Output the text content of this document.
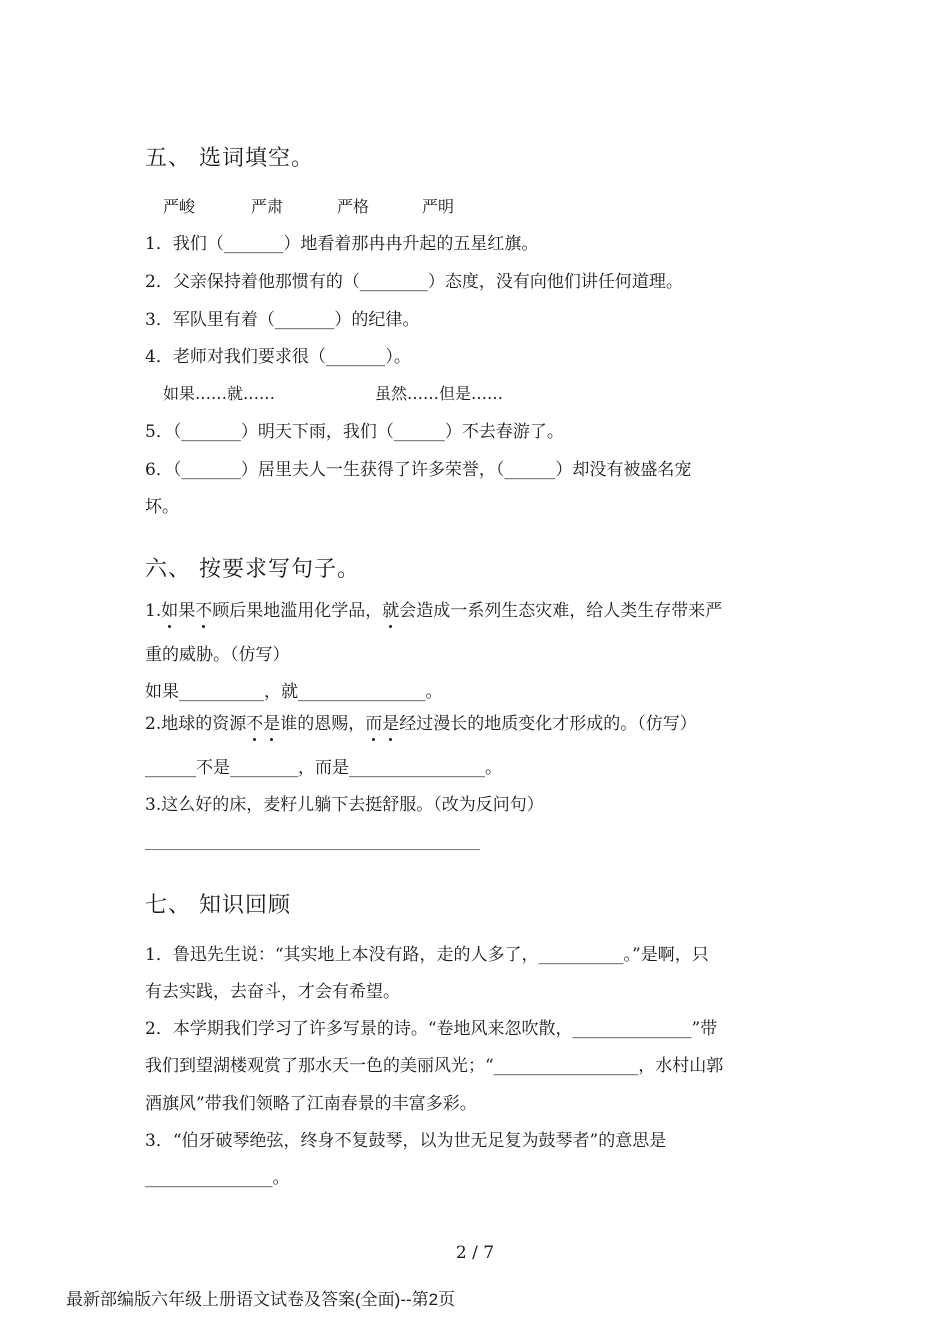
五、 选词填空。
严峻	严肃	严格	严明
1．我们（_______）地看着那冉冉升起的五星红旗。
2．父亲保持着他那惯有的（________）态度，没有向他们讲任何道理。
3．军队里有着（_______）的纪律。
4．老师对我们要求很（_______）。
如果……就……	虽然……但是……
5．（_______）明天下雨，我们（______）不去春游了。
6．（_______）居里夫人一生获得了许多荣誉，（______）却没有被盛名宠
坏。
六、 按要求写句子。
1.如果不顾后果地滥用化学品，就会造成一系列生态灾难，给人类生存带来严
重的威胁。（仿写）
如果__________，就_______________。
2.地球的资源不是谁的恩赐，而是经过漫长的地质变化才形成的。（仿写）
______不是________，而是________________。
3.这么好的床，麦籽儿躺下去挺舒服。（改为反问句）
七、 知识回顾
1．鲁迅先生说：“其实地上本没有路，走的人多了，__________。”是啊，只
有去实践，去奋斗，才会有希望。
2．本学期我们学习了许多写景的诗。“卷地风来忽吹散，______________”带
我们到望湖楼观赏了那水天一色的美丽风光；“_________________，水村山郭
酒旗风”带我们领略了江南春景的丰富多彩。
3．“伯牙破琴绝弦，终身不复鼓琴，以为世无足复为鼓琴者”的意思是
_______________。
2 / 7
最新部编版六年级上册语文试卷及答案(全面)--第2页
